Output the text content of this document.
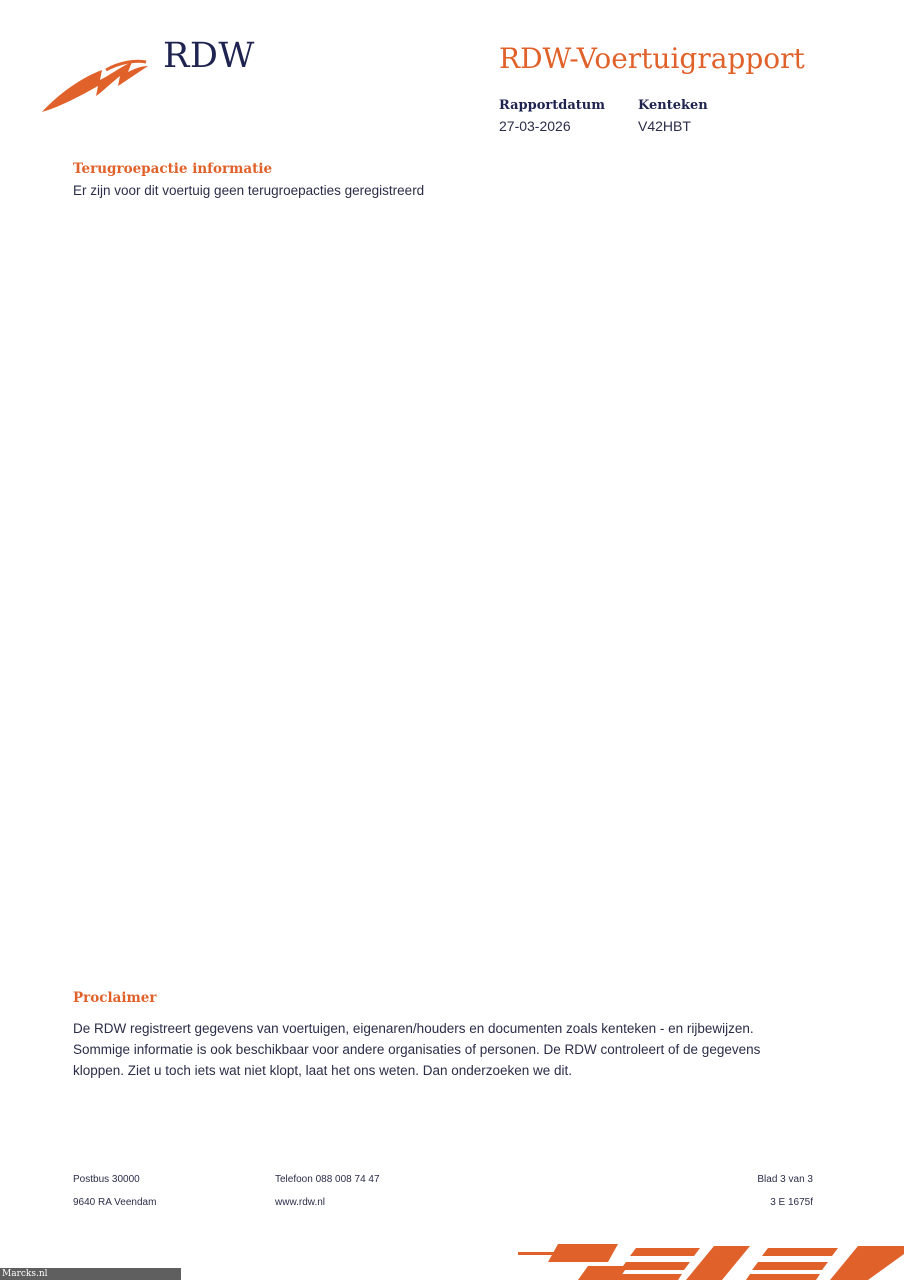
RDW	RDW-Voertuigrapport
Rapportdatum
27-03-2026
Kenteken
V42HBT
Terugroepactie informatie
Er zijn voor dit voertuig geen terugroepacties geregistreerd
Proclaimer
De RDW registreert gegevens van voertuigen, eigenaren/houders en documenten zoals kenteken - en rijbewijzen.
Sommige informatie is ook beschikbaar voor andere organisaties of personen. De RDW controleert of de gegevens
kloppen. Ziet u toch iets wat niet klopt, laat het ons weten. Dan onderzoeken we dit.
Postbus 30000
9640 RA Veendam
Telefoon 088 008 74 47
www.rdw.nl
Blad 3 van 3
3 E 1675f
Marcks.nl
